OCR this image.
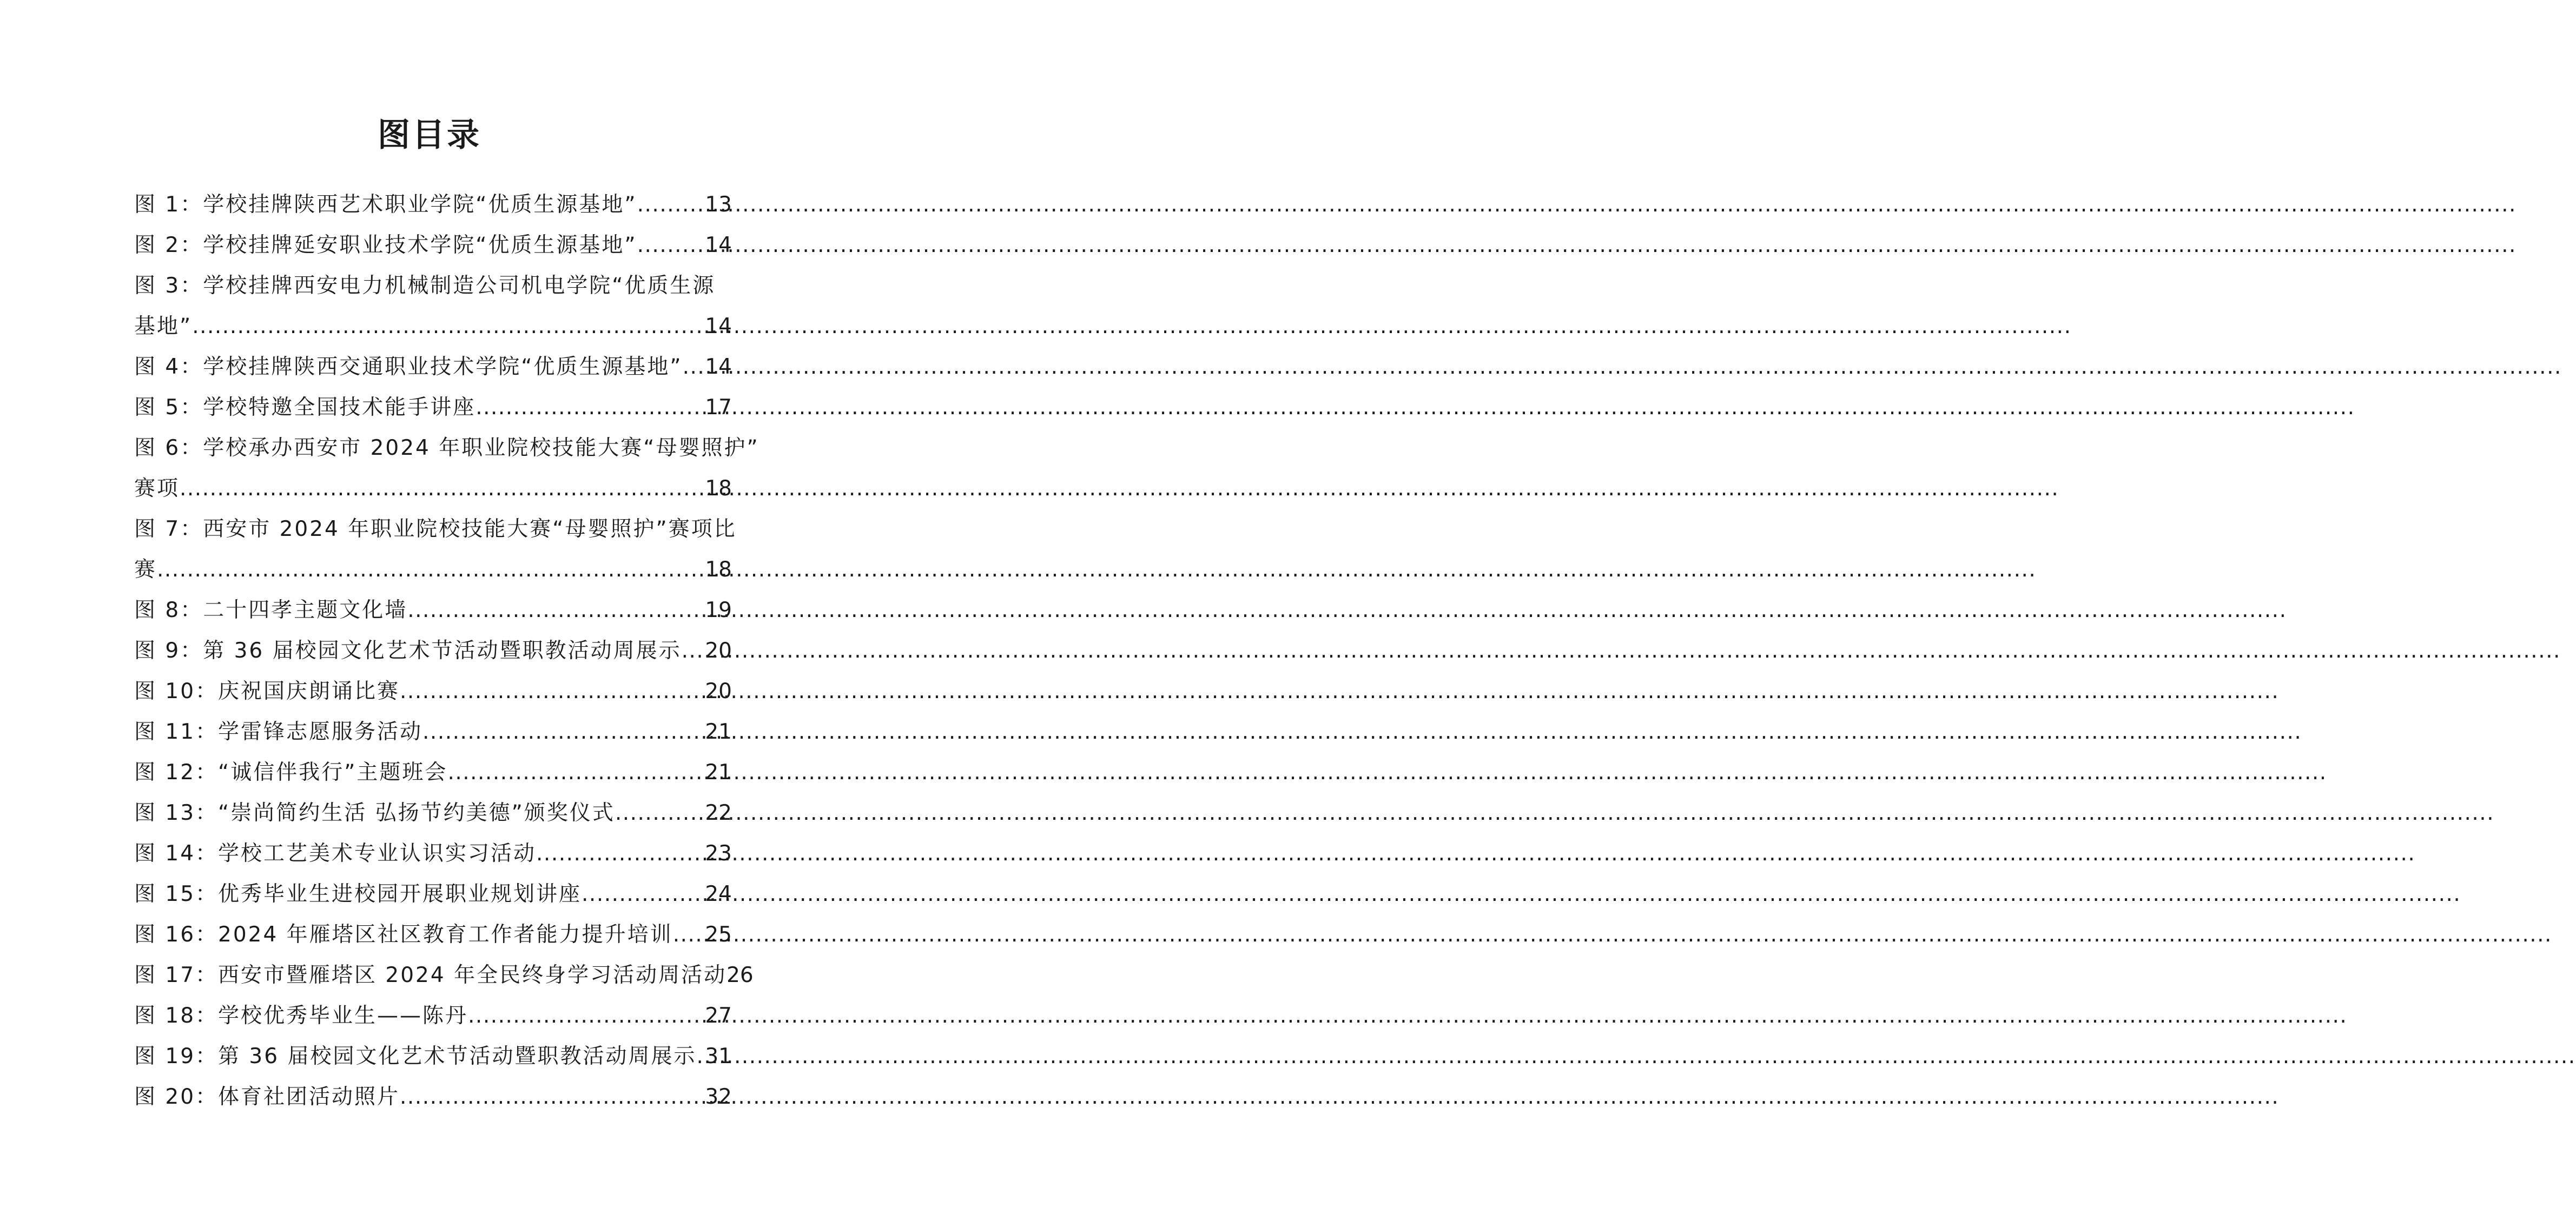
图目录
图 1：学校挂牌陕西艺术职业学院“优质生源基地” .....	13
图 2：学校挂牌延安职业技术学院“优质生源基地” .....	14
图 3：学校挂牌西安电力机械制造公司机电学院“优质生源
基地” .....	14
图 4：学校挂牌陕西交通职业技术学院“优质生源基地” ..... 14
图 5：学校特邀全国技术能手讲座 .....	17
图 6：学校承办西安市 2024 年职业院校技能大赛“母婴照护”
赛项 .....	18
图 7：西安市 2024 年职业院校技能大赛“母婴照护”赛项比
赛 .....	18
图 8：二十四孝主题文化墙 .....	19
图 9：第 36 届校园文化艺术节活动暨职教活动周展示 ..... 20
图 10：庆祝国庆朗诵比赛 .....	20
图 11：学雷锋志愿服务活动 .....	21
图 12：“诚信伴我行”主题班会 .....	21
图 13：“崇尚简约生活 弘扬节约美德”颁奖仪式 .....	22
图 14：学校工艺美术专业认识实习活动 .....	23
图 15：优秀毕业生进校园开展职业规划讲座 .....	24
图 16：2024 年雁塔区社区教育工作者能力提升培训 ..... 25
图 17：西安市暨雁塔区 2024 年全民终身学习活动周活动 26
图 18：学校优秀毕业生——陈丹 .....	27
图 19：第 36 届校园文化艺术节活动暨职教活动周展示 ..... 31
图 20：体育社团活动照片 .....	32
